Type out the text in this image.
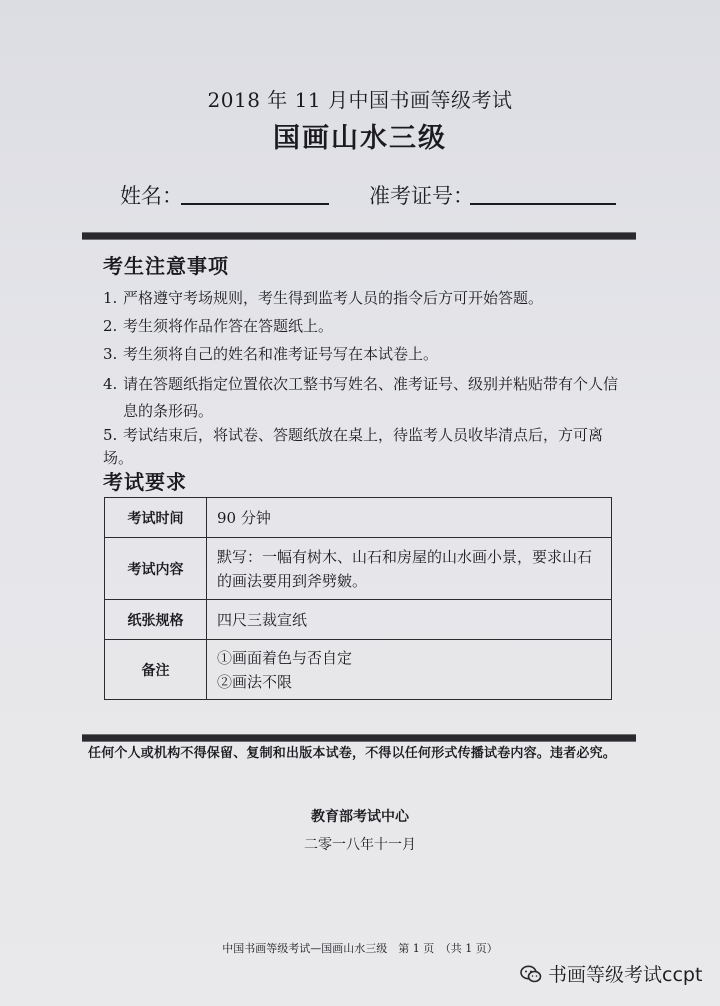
2018 年 11 月中国书画等级考试
国画山水三级
姓名：	准考证号：
考生注意事项
1. 严格遵守考场规则，考生得到监考人员的指令后方可开始答题。
2. 考生须将作品作答在答题纸上。
3. 考生须将自己的姓名和准考证号写在本试卷上。
4. 请在答题纸指定位置依次工整书写姓名、准考证号、级别并粘贴带有个人信
息的条形码。
5. 考试结束后，将试卷、答题纸放在桌上，待监考人员收毕清点后，方可离场。
考试要求
考试时间	90 分钟
考试内容	默写：一幅有树木、山石和房屋的山水画小景，要求山石的画法要用到斧劈皴。
纸张规格	四尺三裁宣纸
备注	①画面着色与否自定
②画法不限
任何个人或机构不得保留、复制和出版本试卷，不得以任何形式传播试卷内容。违者必究。
教育部考试中心
二零一八年十一月
中国书画等级考试—国画山水三级　第 1 页　（共 1 页）
书画等级考试ccpt
